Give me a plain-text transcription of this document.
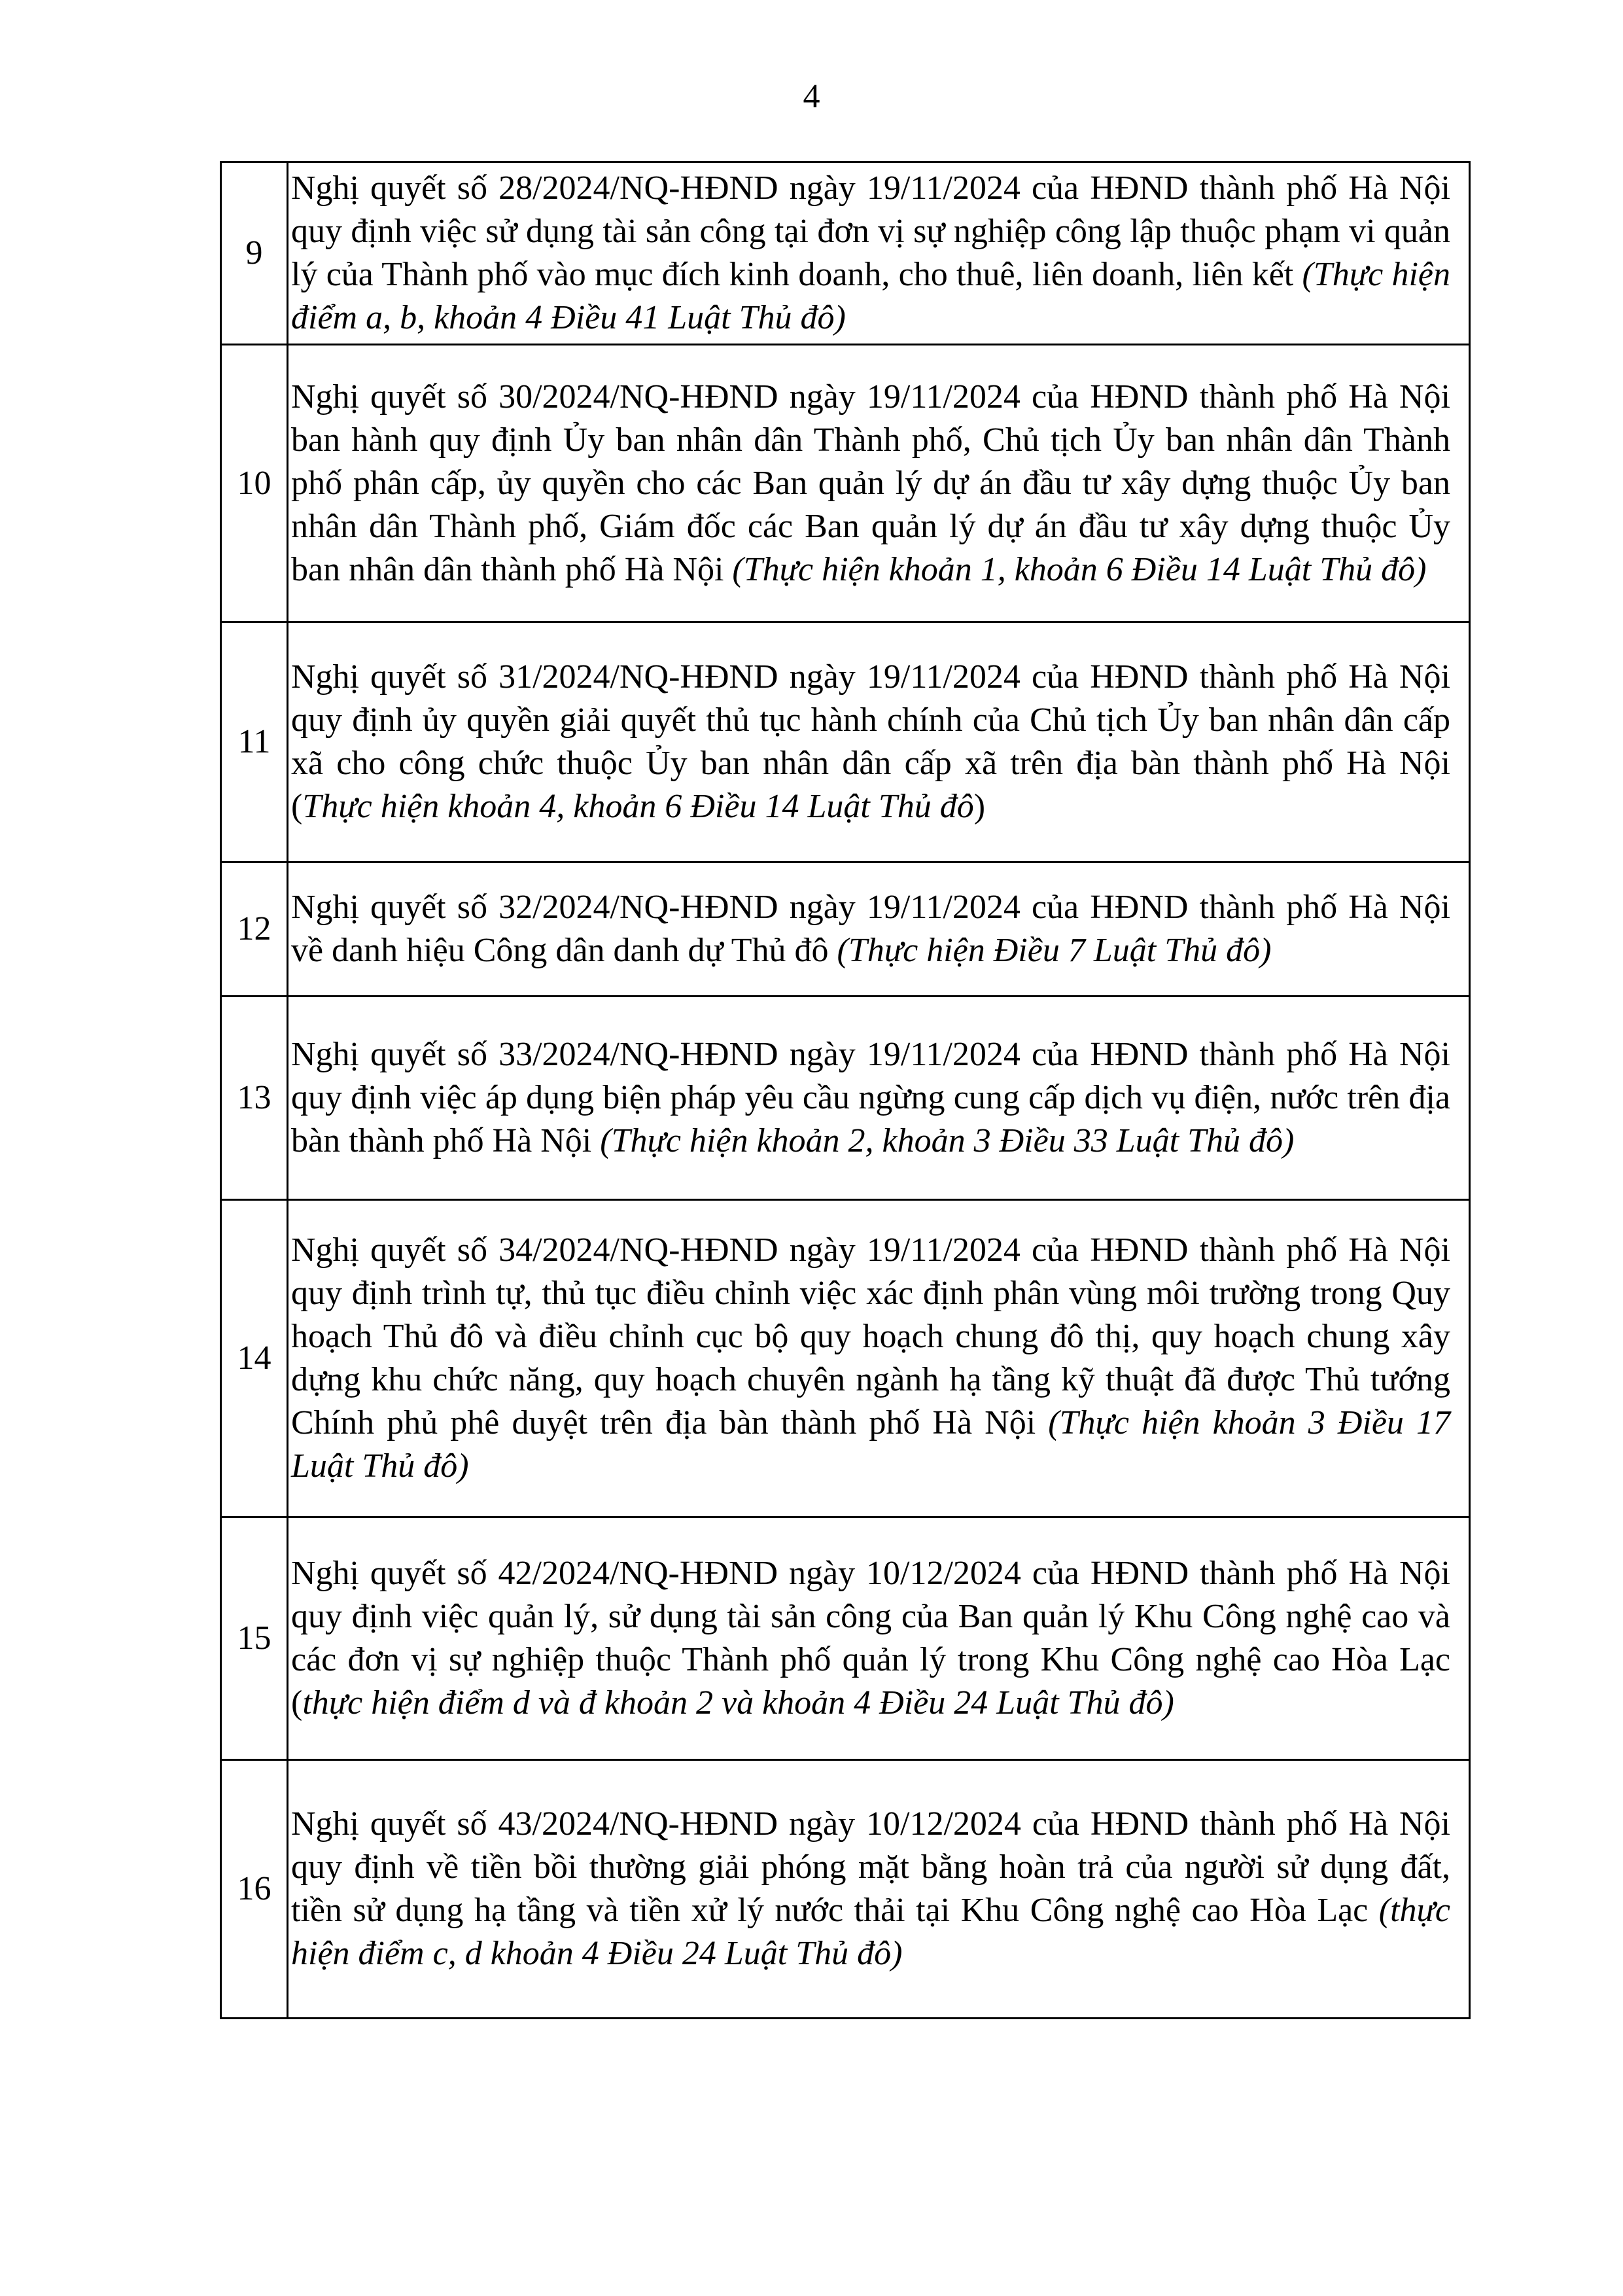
4
9	Nghị quyết số 28/2024/NQ-HĐND ngày 19/11/2024 của HĐND thành phố Hà Nội quy định việc sử dụng tài sản công tại đơn vị sự nghiệp công lập thuộc phạm vi quản lý của Thành phố vào mục đích kinh doanh, cho thuê, liên doanh, liên kết (Thực hiện điểm a, b, khoản 4 Điều 41 Luật Thủ đô)
10	Nghị quyết số 30/2024/NQ-HĐND ngày 19/11/2024 của HĐND thành phố Hà Nội ban hành quy định Ủy ban nhân dân Thành phố, Chủ tịch Ủy ban nhân dân Thành phố phân cấp, ủy quyền cho các Ban quản lý dự án đầu tư xây dựng thuộc Ủy ban nhân dân Thành phố, Giám đốc các Ban quản lý dự án đầu tư xây dựng thuộc Ủy ban nhân dân thành phố Hà Nội (Thực hiện khoản 1, khoản 6 Điều 14 Luật Thủ đô)
11	Nghị quyết số 31/2024/NQ-HĐND ngày 19/11/2024 của HĐND thành phố Hà Nội quy định ủy quyền giải quyết thủ tục hành chính của Chủ tịch Ủy ban nhân dân cấp xã cho công chức thuộc Ủy ban nhân dân cấp xã trên địa bàn thành phố Hà Nội (Thực hiện khoản 4, khoản 6 Điều 14 Luật Thủ đô)
12	Nghị quyết số 32/2024/NQ-HĐND ngày 19/11/2024 của HĐND thành phố Hà Nội về danh hiệu Công dân danh dự Thủ đô (Thực hiện Điều 7 Luật Thủ đô)
13	Nghị quyết số 33/2024/NQ-HĐND ngày 19/11/2024 của HĐND thành phố Hà Nội quy định việc áp dụng biện pháp yêu cầu ngừng cung cấp dịch vụ điện, nước trên địa bàn thành phố Hà Nội (Thực hiện khoản 2, khoản 3 Điều 33 Luật Thủ đô)
14	Nghị quyết số 34/2024/NQ-HĐND ngày 19/11/2024 của HĐND thành phố Hà Nội quy định trình tự, thủ tục điều chỉnh việc xác định phân vùng môi trường trong Quy hoạch Thủ đô và điều chỉnh cục bộ quy hoạch chung đô thị, quy hoạch chung xây dựng khu chức năng, quy hoạch chuyên ngành hạ tầng kỹ thuật đã được Thủ tướng Chính phủ phê duyệt trên địa bàn thành phố Hà Nội (Thực hiện khoản 3 Điều 17 Luật Thủ đô)
15	Nghị quyết số 42/2024/NQ-HĐND ngày 10/12/2024 của HĐND thành phố Hà Nội quy định việc quản lý, sử dụng tài sản công của Ban quản lý Khu Công nghệ cao và các đơn vị sự nghiệp thuộc Thành phố quản lý trong Khu Công nghệ cao Hòa Lạc (thực hiện điểm d và đ khoản 2 và khoản 4 Điều 24 Luật Thủ đô)
16	Nghị quyết số 43/2024/NQ-HĐND ngày 10/12/2024 của HĐND thành phố Hà Nội quy định về tiền bồi thường giải phóng mặt bằng hoàn trả của người sử dụng đất, tiền sử dụng hạ tầng và tiền xử lý nước thải tại Khu Công nghệ cao Hòa Lạc (thực hiện điểm c, d khoản 4 Điều 24 Luật Thủ đô)
